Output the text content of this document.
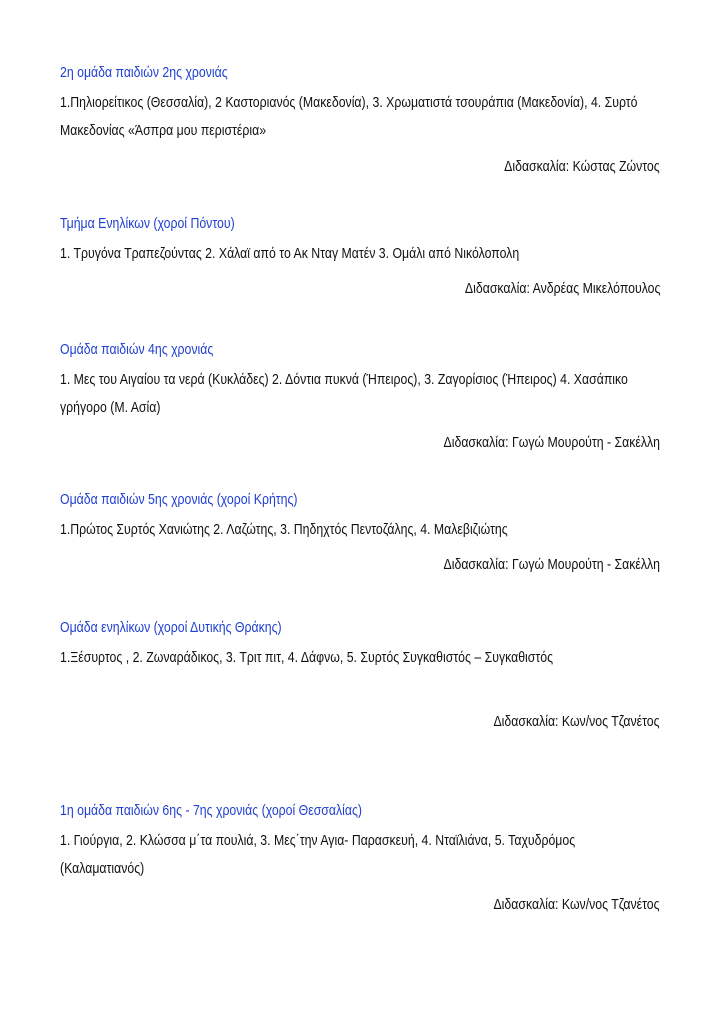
2η ομάδα παιδιών 2ης χρονιάς
1.Πηλιορείτικος (Θεσσαλία), 2 Καστοριανός (Μακεδονία), 3. Χρωματιστά τσουράπια (Μακεδονία), 4. Συρτό Μακεδονίας «Άσπρα μου περιστέρια»
Διδασκαλία: Κώστας Ζώντος
Τμήμα Ενηλίκων (χοροί Πόντου)
1. Τρυγόνα Τραπεζούντας 2. Χάλαϊ από το Ακ Νταγ Ματέν 3. Ομάλι από Νικόλοπολη
Διδασκαλία: Ανδρέας Μικελόπουλος
Ομάδα παιδιών 4ης χρονιάς
1. Μες του Αιγαίου τα νερά (Κυκλάδες) 2. Δόντια πυκνά (Ήπειρος), 3. Ζαγορίσιος (Ήπειρος) 4. Χασάπικο γρήγορο (Μ. Ασία)
Διδασκαλία: Γωγώ Μουρούτη - Σακέλλη
Ομάδα παιδιών 5ης χρονιάς (χοροί Κρήτης)
1.Πρώτος Συρτός Χανιώτης 2. Λαζώτης, 3. Πηδηχτός Πεντοζάλης, 4. Μαλεβιζιώτης
Διδασκαλία: Γωγώ Μουρούτη - Σακέλλη
Ομάδα ενηλίκων (χοροί Δυτικής Θράκης)
1.Ξέσυρτος , 2. Ζωναράδικος, 3. Τριτ πιτ, 4. Δάφνω, 5. Συρτός Συγκαθιστός – Συγκαθιστός
Διδασκαλία: Κων/νος Τζανέτος
1η ομάδα παιδιών 6ης - 7ης χρονιάς (χοροί Θεσσαλίας)
1. Γιούργια, 2. Κλώσσα μ΄τα πουλιά, 3. Μες΄την Αγια- Παρασκευή, 4. Νταϊλιάνα, 5. Ταχυδρόμος (Καλαματιανός)
Διδασκαλία: Κων/νος Τζανέτος
